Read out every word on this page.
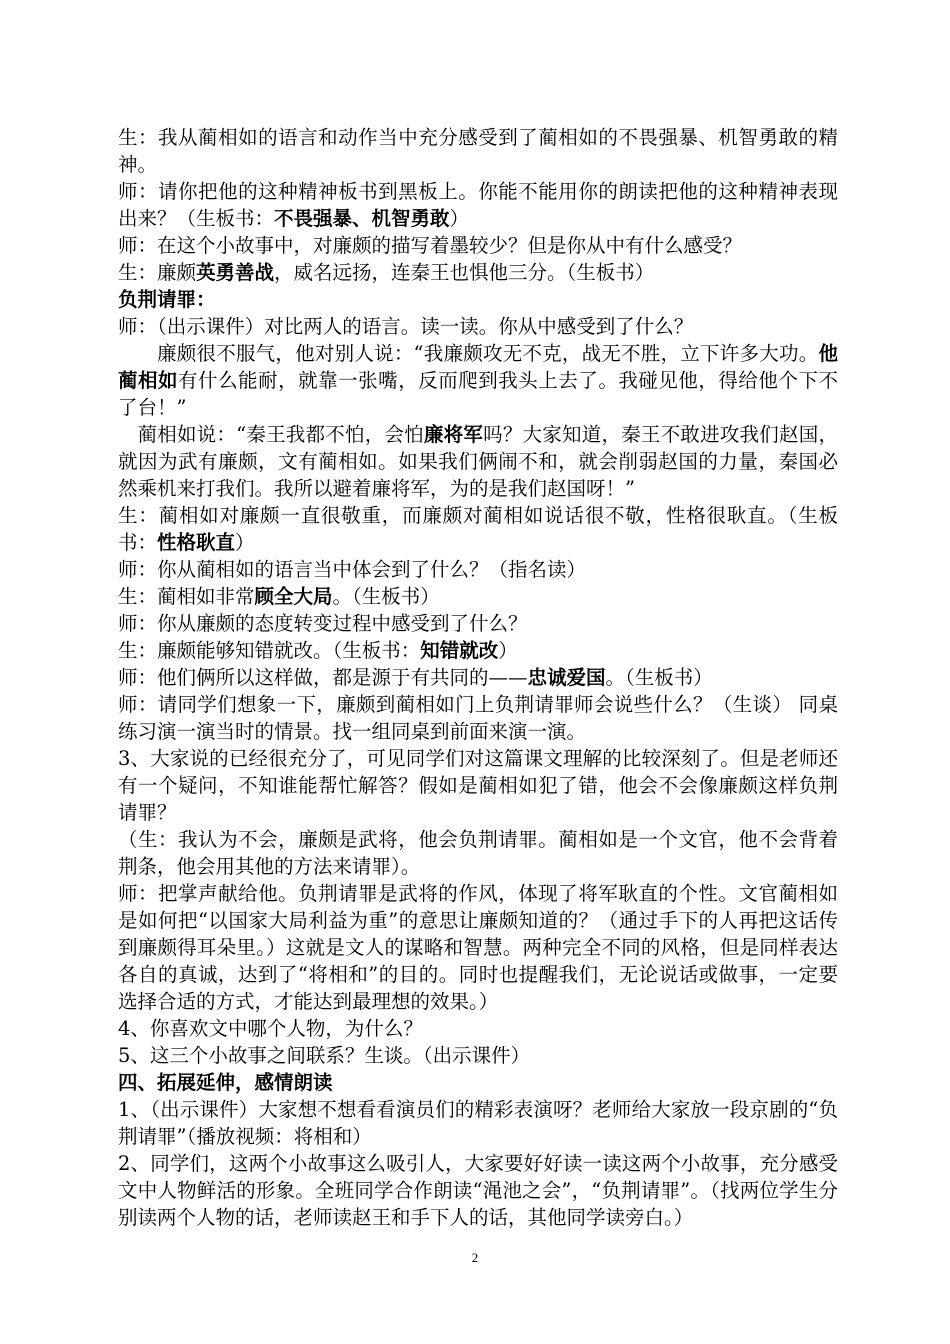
生：我从蔺相如的语言和动作当中充分感受到了蔺相如的不畏强暴、机智勇敢的精神。

师：请你把他的这种精神板书到黑板上。你能不能用你的朗读把他的这种精神表现出来？（生板书：不畏强暴、机智勇敢）

师：在这个小故事中，对廉颇的描写着墨较少？但是你从中有什么感受？

生：廉颇英勇善战，威名远扬，连秦王也惧他三分。（生板书）

负荆请罪：

师：（出示课件）对比两人的语言。读一读。你从中感受到了什么？

廉颇很不服气，他对别人说：“我廉颇攻无不克，战无不胜，立下许多大功。他蔺相如有什么能耐，就靠一张嘴，反而爬到我头上去了。我碰见他，得给他个下不了台！”

蔺相如说：“秦王我都不怕，会怕廉将军吗？大家知道，秦王不敢进攻我们赵国，就因为武有廉颇，文有蔺相如。如果我们俩闹不和，就会削弱赵国的力量，秦国必然乘机来打我们。我所以避着廉将军，为的是我们赵国呀！”

生：蔺相如对廉颇一直很敬重，而廉颇对蔺相如说话很不敬，性格很耿直。（生板书：性格耿直）

师：你从蔺相如的语言当中体会到了什么？（指名读）

生：蔺相如非常顾全大局。（生板书）

师：你从廉颇的态度转变过程中感受到了什么？

生：廉颇能够知错就改。（生板书：知错就改）

师：他们俩所以这样做，都是源于有共同的——忠诚爱国。（生板书）

师：请同学们想象一下，廉颇到蔺相如门上负荆请罪师会说些什么？（生谈） 同桌练习演一演当时的情景。找一组同桌到前面来演一演。

3、大家说的已经很充分了，可见同学们对这篇课文理解的比较深刻了。但是老师还有一个疑问，不知谁能帮忙解答？假如是蔺相如犯了错，他会不会像廉颇这样负荆请罪？

（生：我认为不会，廉颇是武将，他会负荆请罪。蔺相如是一个文官，他不会背着荆条，他会用其他的方法来请罪）。

师：把掌声献给他。负荆请罪是武将的作风，体现了将军耿直的个性。文官蔺相如是如何把“以国家大局利益为重”的意思让廉颇知道的？（通过手下的人再把这话传到廉颇得耳朵里。）这就是文人的谋略和智慧。两种完全不同的风格，但是同样表达各自的真诚，达到了“将相和”的目的。同时也提醒我们，无论说话或做事，一定要选择合适的方式，才能达到最理想的效果。）

4、你喜欢文中哪个人物，为什么？

5、这三个小故事之间联系？生谈。（出示课件）

四、拓展延伸，感情朗读

1、（出示课件）大家想不想看看演员们的精彩表演呀？老师给大家放一段京剧的“负荆请罪”（播放视频：将相和）

2、同学们，这两个小故事这么吸引人，大家要好好读一读这两个小故事，充分感受文中人物鲜活的形象。全班同学合作朗读“渑池之会”，“负荆请罪”。（找两位学生分别读两个人物的话，老师读赵王和手下人的话，其他同学读旁白。）

2
